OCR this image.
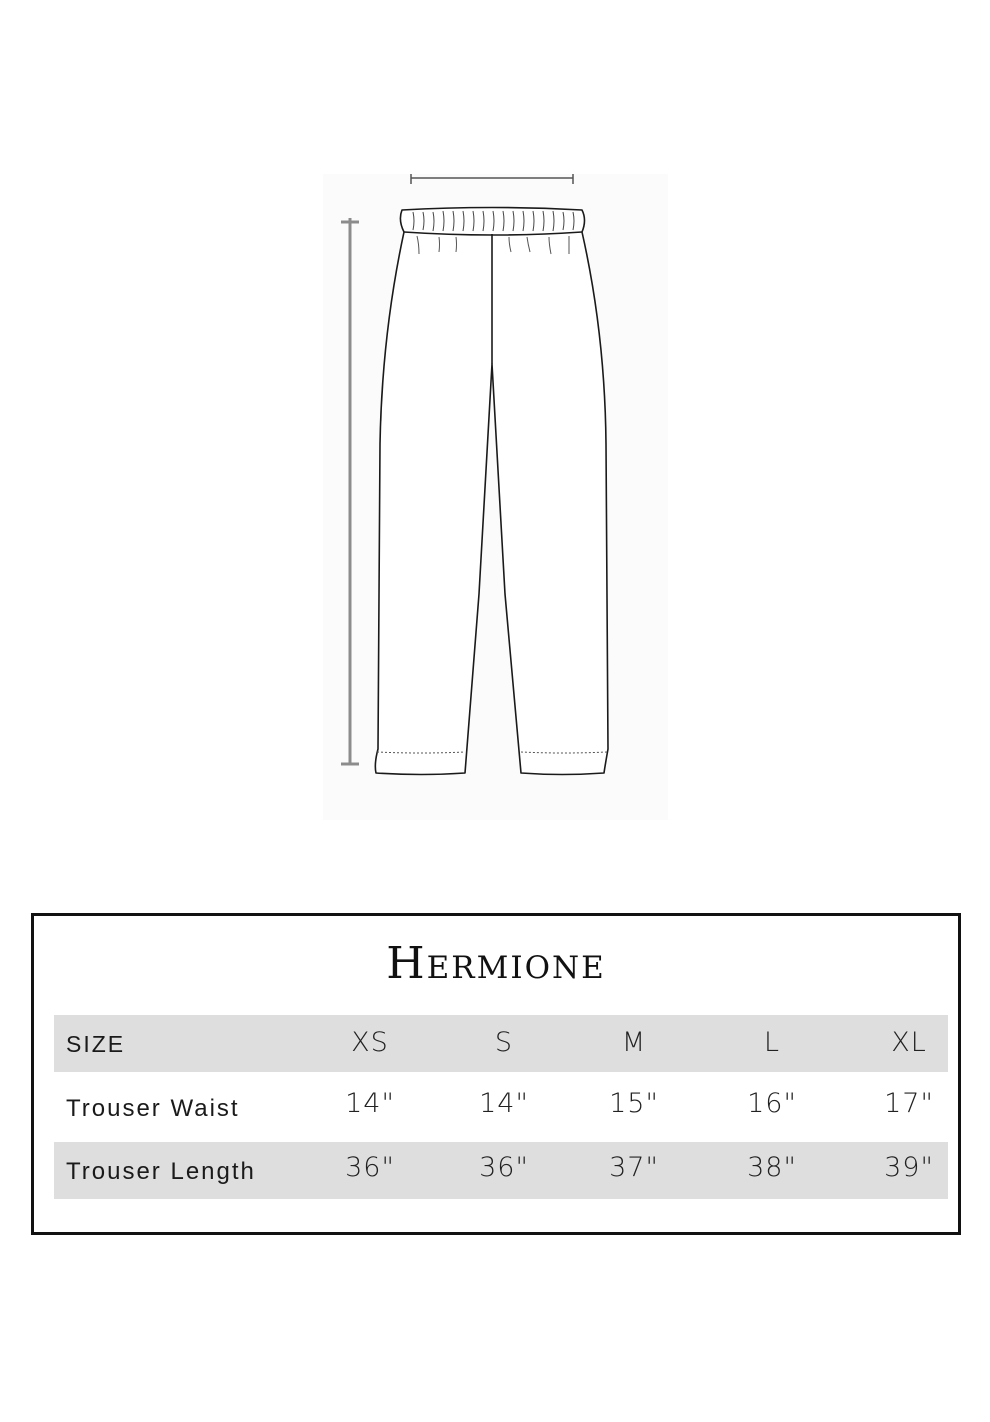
Hermione
SIZE	XS	S	M	L	XL
Trouser Waist	14"	14"	15"	16"	17"
Trouser Length	36"	36"	37"	38"	39"
